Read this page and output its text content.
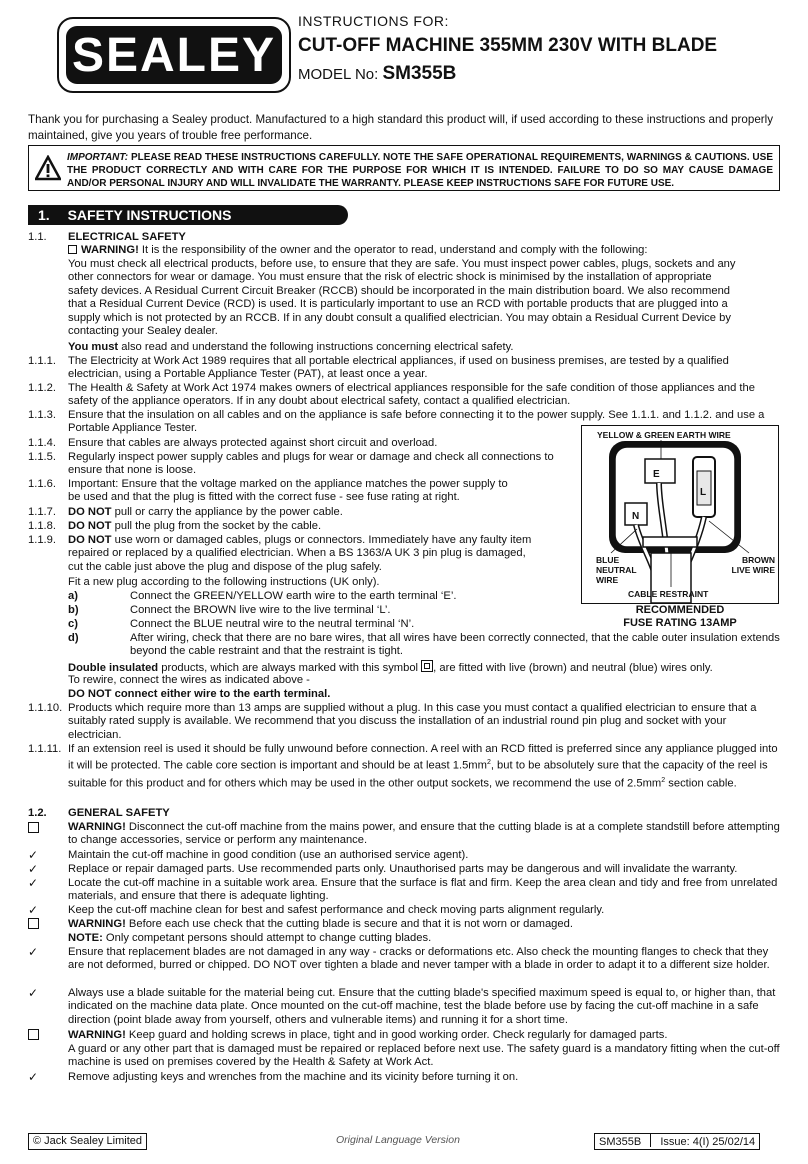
SEALEY
INSTRUCTIONS FOR:
CUT-OFF MACHINE 355MM 230V WITH BLADE
MODEL No: SM355B
Thank you for purchasing a Sealey product. Manufactured to a high standard this product will, if used according to these instructions and properly maintained, give you years of trouble free performance.
IMPORTANT: PLEASE READ THESE INSTRUCTIONS CAREFULLY. NOTE THE SAFE OPERATIONAL REQUIREMENTS, WARNINGS & CAUTIONS. USE THE PRODUCT CORRECTLY AND WITH CARE FOR THE PURPOSE FOR WHICH IT IS INTENDED. FAILURE TO DO SO MAY CAUSE DAMAGE AND/OR PERSONAL INJURY AND WILL INVALIDATE THE WARRANTY. PLEASE KEEP INSTRUCTIONS SAFE FOR FUTURE USE.
1. SAFETY INSTRUCTIONS
1.1. ELECTRICAL SAFETY
WARNING! It is the responsibility of the owner and the operator to read, understand and comply with the following:
You must check all electrical products, before use, to ensure that they are safe. You must inspect power cables, plugs, sockets and any other connectors for wear or damage. You must ensure that the risk of electric shock is minimised by the installation of appropriate safety devices. A Residual Current Circuit Breaker (RCCB) should be incorporated in the main distribution board. We also recommend that a Residual Current Device (RCD) is used. It is particularly important to use an RCD with portable products that are plugged into a supply which is not protected by an RCCB. If in any doubt consult a qualified electrician. You may obtain a Residual Current Device by contacting your Sealey dealer.
You must also read and understand the following instructions concerning electrical safety.
1.1.1. The Electricity at Work Act 1989 requires that all portable electrical appliances, if used on business premises, are tested by a qualified electrician, using a Portable Appliance Tester (PAT), at least once a year.
1.1.2. The Health & Safety at Work Act 1974 makes owners of electrical appliances responsible for the safe condition of those appliances and the safety of the appliance operators. If in any doubt about electrical safety, contact a qualified electrician.
1.1.3. Ensure that the insulation on all cables and on the appliance is safe before connecting it to the power supply. See 1.1.1. and 1.1.2. and use a Portable Appliance Tester.
1.1.4. Ensure that cables are always protected against short circuit and overload.
1.1.5. Regularly inspect power supply cables and plugs for wear or damage and check all connections to ensure that none is loose.
1.1.6. Important: Ensure that the voltage marked on the appliance matches the power supply to be used and that the plug is fitted with the correct fuse - see fuse rating at right.
1.1.7. DO NOT pull or carry the appliance by the power cable.
1.1.8. DO NOT pull the plug from the socket by the cable.
1.1.9. DO NOT use worn or damaged cables, plugs or connectors. Immediately have any faulty item repaired or replaced by a qualified electrician. When a BS 1363/A UK 3 pin plug is damaged, cut the cable just above the plug and dispose of the plug safely.
Fit a new plug according to the following instructions (UK only).
a)	Connect the GREEN/YELLOW earth wire to the earth terminal ‘E’.
b)	Connect the BROWN live wire to the live terminal ‘L’.
c)	Connect the BLUE neutral wire to the neutral terminal ‘N’.
d)	After wiring, check that there are no bare wires, that all wires have been correctly connected, that the cable outer insulation extends beyond the cable restraint and that the restraint is tight.
Double insulated products, which are always marked with this symbol , are fitted with live (brown) and neutral (blue) wires only.
To rewire, connect the wires as indicated above -
DO NOT connect either wire to the earth terminal.
1.1.10. Products which require more than 13 amps are supplied without a plug. In this case you must contact a qualified electrician to ensure that a suitably rated supply is available. We recommend that you discuss the installation of an industrial round pin plug and socket with your electrician.
1.1.11. If an extension reel is used it should be fully unwound before connection. A reel with an RCD fitted is preferred since any appliance plugged into it will be protected. The cable core section is important and should be at least $1.5mm^2$, but to be absolutely sure that the capacity of the reel is suitable for this product and for others which may be used in the other output sockets, we recommend the use of $2.5mm^2$ section cable.
E
N
L
YELLOW & GREEN EARTH WIRE
BLUE NEUTRAL WIRE
BROWN LIVE WIRE
CABLE RESTRAINT
RECOMMENDED
FUSE RATING 13AMP
1.2. GENERAL SAFETY
WARNING! Disconnect the cut-off machine from the mains power, and ensure that the cutting blade is at a complete standstill before attempting to change accessories, service or perform any maintenance.
✓	Maintain the cut-off machine in good condition (use an authorised service agent).
✓	Replace or repair damaged parts. Use recommended parts only. Unauthorised parts may be dangerous and will invalidate the warranty.
✓	Locate the cut-off machine in a suitable work area. Ensure that the surface is flat and firm. Keep the area clean and tidy and free from unrelated materials, and ensure that there is adequate lighting.
✓	Keep the cut-off machine clean for best and safest performance and check moving parts alignment regularly.
WARNING! Before each use check that the cutting blade is secure and that it is not worn or damaged.
NOTE: Only competant persons should attempt to change cutting blades.
✓	Ensure that replacement blades are not damaged in any way - cracks or deformations etc. Also check the mounting flanges to check that they are not deformed, burred or chipped. DO NOT over tighten a blade and never tamper with a blade in order to adapt it to a different size holder.
✓	Always use a blade suitable for the material being cut. Ensure that the cutting blade's specified maximum speed is equal to, or higher than, that indicated on the machine data plate. Once mounted on the cut-off machine, test the blade before use by facing the cut-off machine in a safe direction (point blade away from yourself, others and vulnerable items) and running it for a short time.
WARNING! Keep guard and holding screws in place, tight and in good working order. Check regularly for damaged parts.
A guard or any other part that is damaged must be repaired or replaced before next use. The safety guard is a mandatory fitting when the cut-off machine is used on premises covered by the Health & Safety at Work Act.
✓	Remove adjusting keys and wrenches from the machine and its vicinity before turning it on.
© Jack Sealey Limited	Original Language Version	SM355B Issue: 4(I) 25/02/14
